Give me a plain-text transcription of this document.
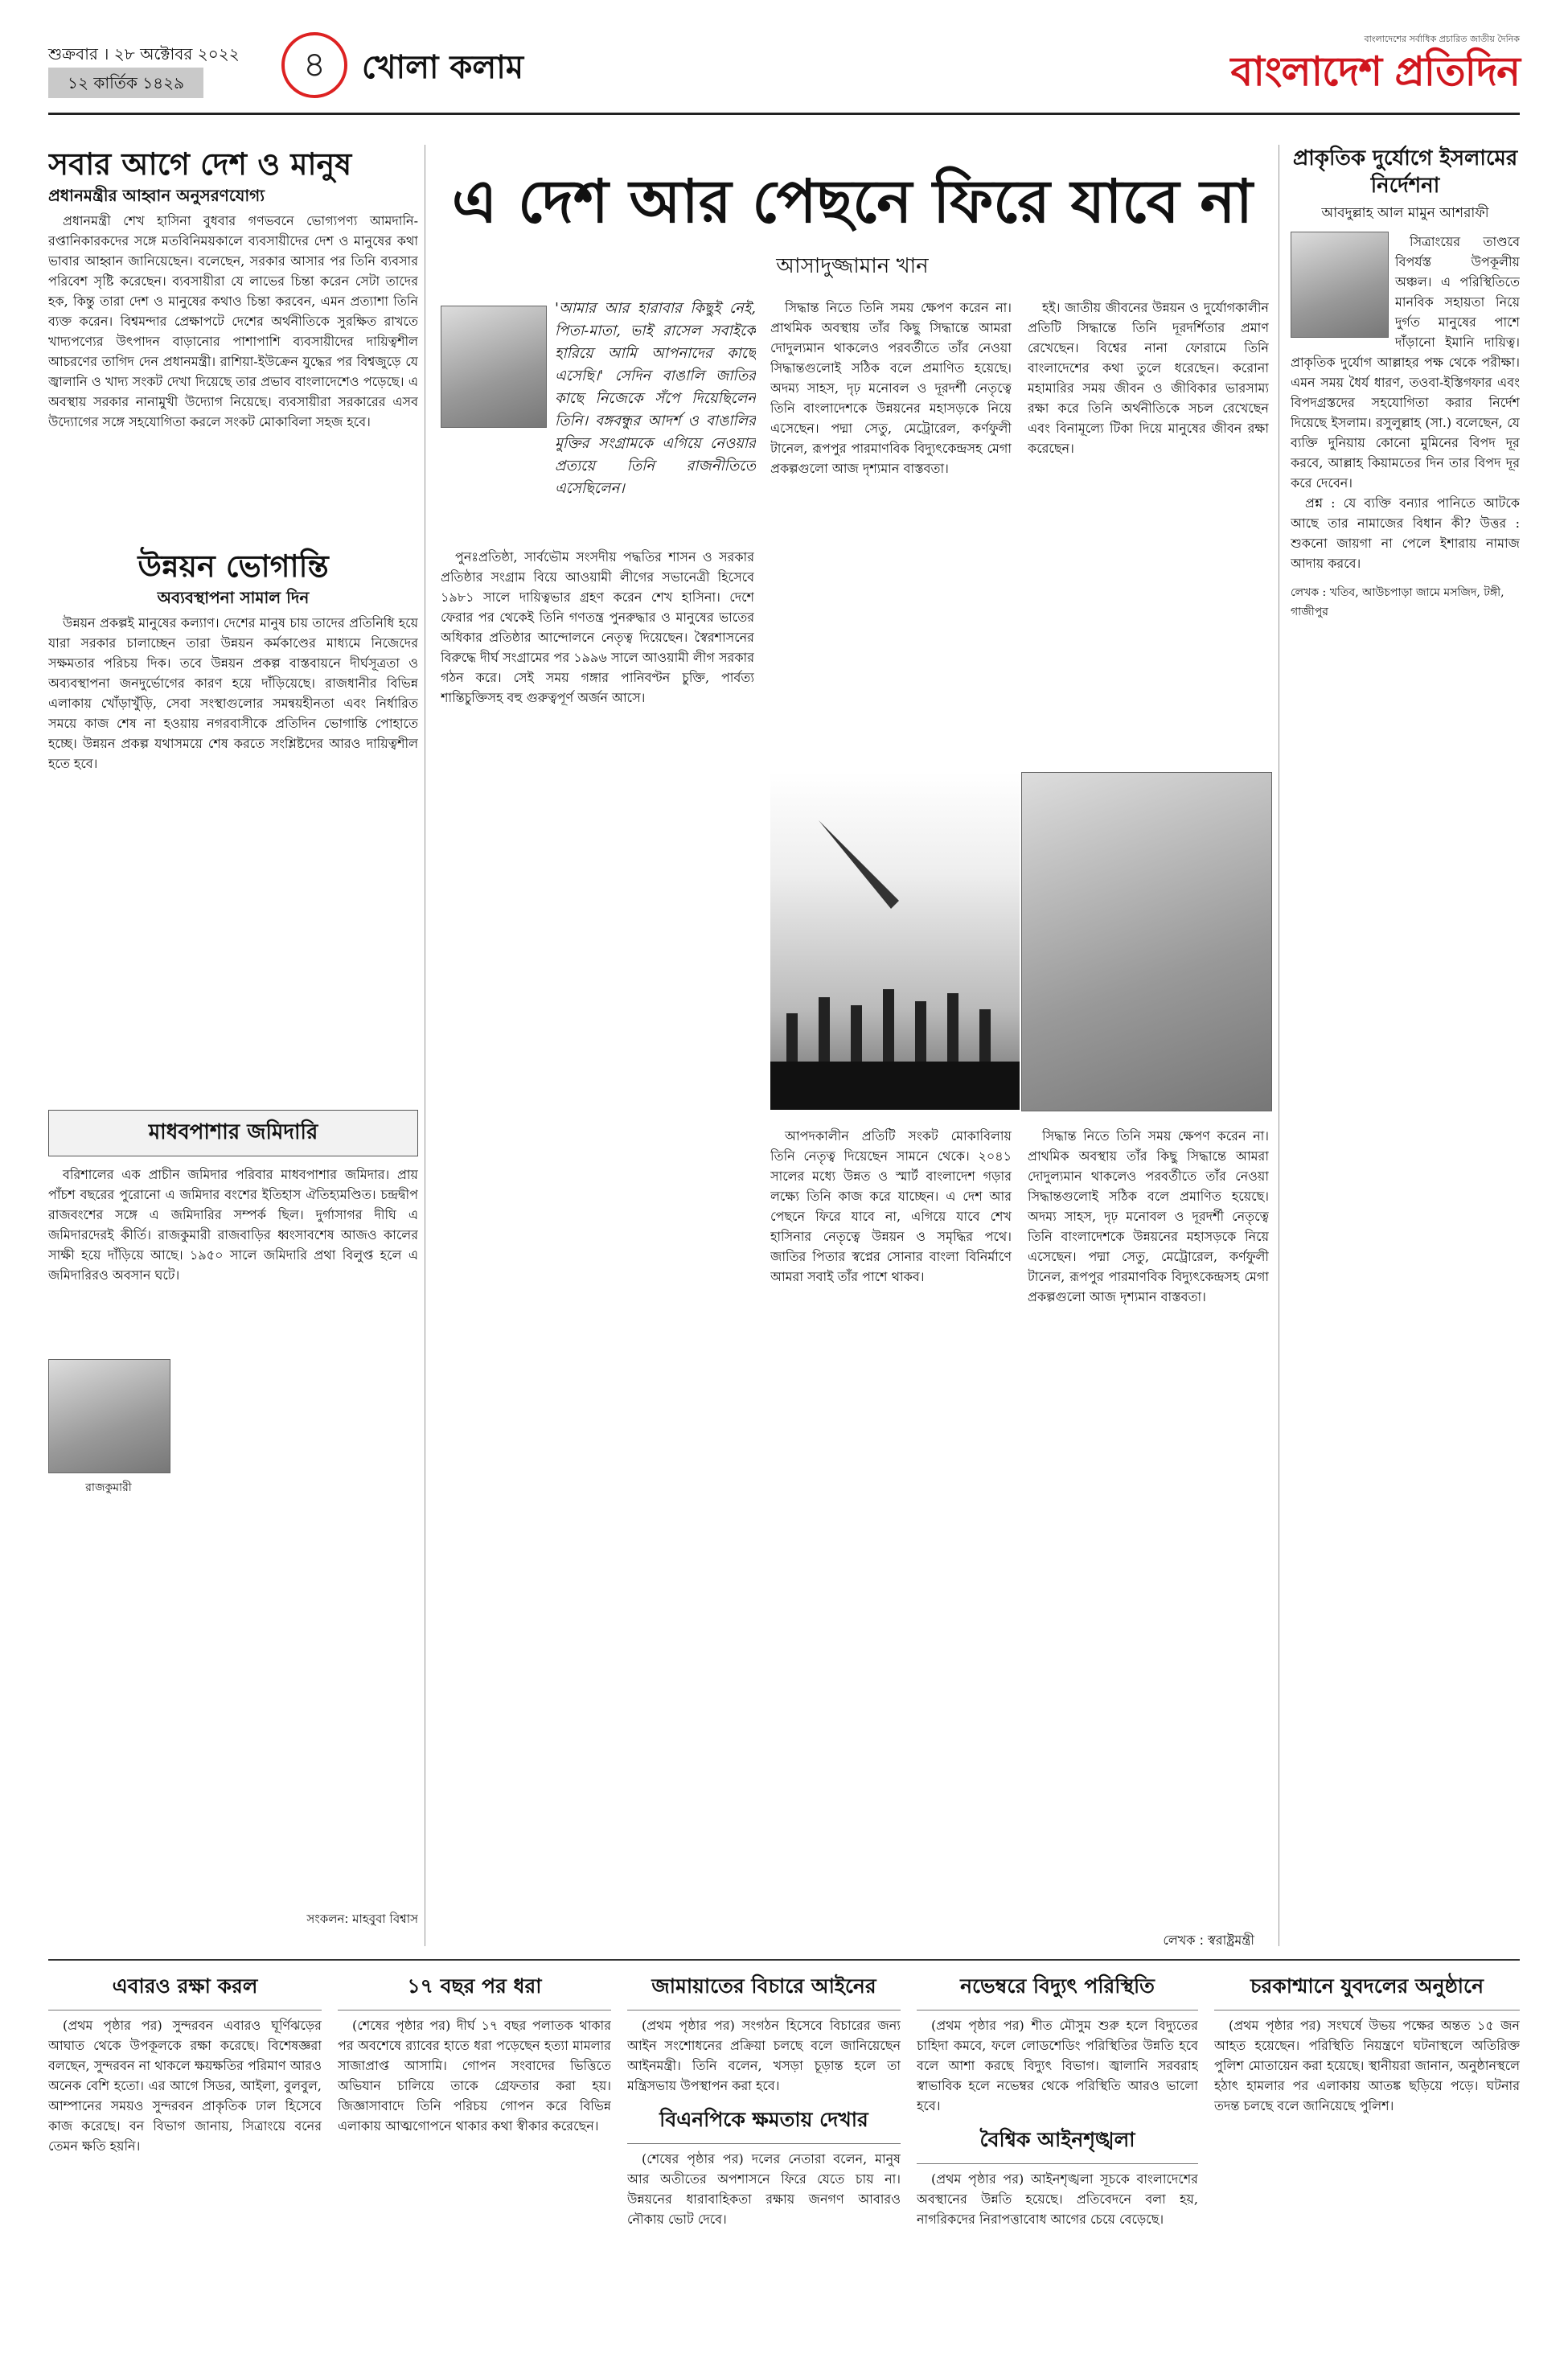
শুক্রবার । ২৮ অক্টোবর ২০২২
১২ কার্তিক ১৪২৯	৪	খোলা কলাম
বাংলাদেশের সর্বাধিক প্রচারিত জাতীয় দৈনিক
বাংলাদেশ প্রতিদিন
সবার আগে দেশ ও মানুষ
প্রধানমন্ত্রীর আহ্বান অনুসরণযোগ্য

প্রধানমন্ত্রী শেখ হাসিনা বুধবার গণভবনে ভোগ্যপণ্য আমদানি-রপ্তানিকারকদের সঙ্গে মতবিনিময়কালে ব্যবসায়ীদের দেশ ও মানুষের কথা ভাবার আহ্বান জানিয়েছেন। বলেছেন, সরকার আসার পর তিনি ব্যবসার পরিবেশ সৃষ্টি করেছেন। ব্যবসায়ীরা যে লাভের চিন্তা করেন সেটা তাদের হক, কিন্তু তারা দেশ ও মানুষের কথাও চিন্তা করবেন, এমন প্রত্যাশা তিনি ব্যক্ত করেন। বিশ্বমন্দার প্রেক্ষাপটে দেশের অর্থনীতিকে সুরক্ষিত রাখতে খাদ্যপণ্যের উৎপাদন বাড়ানোর পাশাপাশি ব্যবসায়ীদের দায়িত্বশীল আচরণের তাগিদ দেন প্রধানমন্ত্রী। রাশিয়া-ইউক্রেন যুদ্ধের পর বিশ্বজুড়ে যে জ্বালানি ও খাদ্য সংকট দেখা দিয়েছে তার প্রভাব বাংলাদেশেও পড়েছে। এ অবস্থায় সরকার নানামুখী উদ্যোগ নিয়েছে। ব্যবসায়ীরা সরকারের এসব উদ্যোগের সঙ্গে সহযোগিতা করলে সংকট মোকাবিলা সহজ হবে।

উন্নয়ন ভোগান্তি
অব্যবস্থাপনা সামাল দিন

উন্নয়ন প্রকল্পই মানুষের কল্যাণ। দেশের মানুষ চায় তাদের প্রতিনিধি হয়ে যারা সরকার চালাচ্ছেন তারা উন্নয়ন কর্মকাণ্ডের মাধ্যমে নিজেদের সক্ষমতার পরিচয় দিক। তবে উন্নয়ন প্রকল্প বাস্তবায়নে দীর্ঘসূত্রতা ও অব্যবস্থাপনা জনদুর্ভোগের কারণ হয়ে দাঁড়িয়েছে। রাজধানীর বিভিন্ন এলাকায় খোঁড়াখুঁড়ি, সেবা সংস্থাগুলোর সমন্বয়হীনতা এবং নির্ধারিত সময়ে কাজ শেষ না হওয়ায় নগরবাসীকে প্রতিদিন ভোগান্তি পোহাতে হচ্ছে। উন্নয়ন প্রকল্প যথাসময়ে শেষ করতে সংশ্লিষ্টদের আরও দায়িত্বশীল হতে হবে।

মাধবপাশার জমিদারি

বরিশালের এক প্রাচীন জমিদার পরিবার মাধবপাশার জমিদার। প্রায় পাঁচশ বছরের পুরোনো এ জমিদার বংশের ইতিহাস ঐতিহ্যমণ্ডিত। চন্দ্রদ্বীপ রাজবংশের সঙ্গে এ জমিদারির সম্পর্ক ছিল। দুর্গাসাগর দীঘি এ জমিদারদেরই কীর্তি। রাজকুমারী রাজবাড়ির ধ্বংসাবশেষ আজও কালের সাক্ষী হয়ে দাঁড়িয়ে আছে। ১৯৫০ সালে জমিদারি প্রথা বিলুপ্ত হলে এ জমিদারিরও অবসান ঘটে।

রাজকুমারী
সংকলন: মাহবুবা বিশ্বাস
এ দেশ আর পেছনে ফিরে যাবে না
আসাদুজ্জামান খান
'আমার আর হারাবার কিছুই নেই, পিতা-মাতা, ভাই রাসেল সবাইকে হারিয়ে আমি আপনাদের কাছে এসেছি।' সেদিন বাঙালি জাতির কাছে নিজেকে সঁপে দিয়েছিলেন তিনি। বঙ্গবন্ধুর আদর্শ ও বাঙালির মুক্তির সংগ্রামকে এগিয়ে নেওয়ার প্রত্যয়ে তিনি রাজনীতিতে এসেছিলেন।

পুনঃপ্রতিষ্ঠা, সার্বভৌম সংসদীয় পদ্ধতির শাসন ও সরকার প্রতিষ্ঠার সংগ্রাম বিয়ে আওয়ামী লীগের সভানেত্রী হিসেবে ১৯৮১ সালে দায়িত্বভার গ্রহণ করেন শেখ হাসিনা। দেশে ফেরার পর থেকেই তিনি গণতন্ত্র পুনরুদ্ধার ও মানুষের ভাতের অধিকার প্রতিষ্ঠার আন্দোলনে নেতৃত্ব দিয়েছেন। স্বৈরশাসনের বিরুদ্ধে দীর্ঘ সংগ্রামের পর ১৯৯৬ সালে আওয়ামী লীগ সরকার গঠন করে। সেই সময় গঙ্গার পানিবণ্টন চুক্তি, পার্বত্য শান্তিচুক্তিসহ বহু গুরুত্বপূর্ণ অর্জন আসে।

সিদ্ধান্ত নিতে তিনি সময় ক্ষেপণ করেন না। প্রাথমিক অবস্থায় তাঁর কিছু সিদ্ধান্তে আমরা দোদুল্যমান থাকলেও পরবর্তীতে তাঁর নেওয়া সিদ্ধান্তগুলোই সঠিক বলে প্রমাণিত হয়েছে। অদম্য সাহস, দৃঢ় মনোবল ও দূরদর্শী নেতৃত্বে তিনি বাংলাদেশকে উন্নয়নের মহাসড়কে নিয়ে এসেছেন। পদ্মা সেতু, মেট্রোরেল, কর্ণফুলী টানেল, রূপপুর পারমাণবিক বিদ্যুৎকেন্দ্রসহ মেগা প্রকল্পগুলো আজ দৃশ্যমান বাস্তবতা।

হই। জাতীয় জীবনের উন্নয়ন ও দুর্যোগকালীন প্রতিটি সিদ্ধান্তে তিনি দূরদর্শিতার প্রমাণ রেখেছেন। বিশ্বের নানা ফোরামে তিনি বাংলাদেশের কথা তুলে ধরেছেন। করোনা মহামারির সময় জীবন ও জীবিকার ভারসাম্য রক্ষা করে তিনি অর্থনীতিকে সচল রেখেছেন এবং বিনামূল্যে টিকা দিয়ে মানুষের জীবন রক্ষা করেছেন।

আপদকালীন প্রতিটি সংকট মোকাবিলায় তিনি নেতৃত্ব দিয়েছেন সামনে থেকে। ২০৪১ সালের মধ্যে উন্নত ও স্মার্ট বাংলাদেশ গড়ার লক্ষ্যে তিনি কাজ করে যাচ্ছেন। এ দেশ আর পেছনে ফিরে যাবে না, এগিয়ে যাবে শেখ হাসিনার নেতৃত্বে উন্নয়ন ও সমৃদ্ধির পথে। জাতির পিতার স্বপ্নের সোনার বাংলা বিনির্মাণে আমরা সবাই তাঁর পাশে থাকব।

সিদ্ধান্ত নিতে তিনি সময় ক্ষেপণ করেন না। প্রাথমিক অবস্থায় তাঁর কিছু সিদ্ধান্তে আমরা দোদুল্যমান থাকলেও পরবর্তীতে তাঁর নেওয়া সিদ্ধান্তগুলোই সঠিক বলে প্রমাণিত হয়েছে। অদম্য সাহস, দৃঢ় মনোবল ও দূরদর্শী নেতৃত্বে তিনি বাংলাদেশকে উন্নয়নের মহাসড়কে নিয়ে এসেছেন। পদ্মা সেতু, মেট্রোরেল, কর্ণফুলী টানেল, রূপপুর পারমাণবিক বিদ্যুৎকেন্দ্রসহ মেগা প্রকল্পগুলো আজ দৃশ্যমান বাস্তবতা।

লেখক : স্বরাষ্ট্রমন্ত্রী
প্রাকৃতিক দুর্যোগে ইসলামের নির্দেশনা
আবদুল্লাহ আল মামুন আশরাফী

সিত্রাংয়ের তাণ্ডবে বিপর্যস্ত উপকূলীয় অঞ্চল। এ পরিস্থিতিতে মানবিক সহায়তা নিয়ে দুর্গত মানুষের পাশে দাঁড়ানো ইমানি দায়িত্ব। প্রাকৃতিক দুর্যোগ আল্লাহর পক্ষ থেকে পরীক্ষা। এমন সময় ধৈর্য ধারণ, তওবা-ইস্তিগফার এবং বিপদগ্রস্তদের সহযোগিতা করার নির্দেশ দিয়েছে ইসলাম। রসুলুল্লাহ (সা.) বলেছেন, যে ব্যক্তি দুনিয়ায় কোনো মুমিনের বিপদ দূর করবে, আল্লাহ কিয়ামতের দিন তার বিপদ দূর করে দেবেন।

প্রশ্ন : যে ব্যক্তি বন্যার পানিতে আটকে আছে তার নামাজের বিধান কী? উত্তর : শুকনো জায়গা না পেলে ইশারায় নামাজ আদায় করবে।

লেখক : খতিব, আউচপাড়া জামে মসজিদ, টঙ্গী, গাজীপুর
এবারও রক্ষা করল

(প্রথম পৃষ্ঠার পর) সুন্দরবন এবারও ঘূর্ণিঝড়ের আঘাত থেকে উপকূলকে রক্ষা করেছে। বিশেষজ্ঞরা বলছেন, সুন্দরবন না থাকলে ক্ষয়ক্ষতির পরিমাণ আরও অনেক বেশি হতো। এর আগে সিডর, আইলা, বুলবুল, আম্পানের সময়ও সুন্দরবন প্রাকৃতিক ঢাল হিসেবে কাজ করেছে। বন বিভাগ জানায়, সিত্রাংয়ে বনের তেমন ক্ষতি হয়নি।

১৭ বছর পর ধরা

(শেষের পৃষ্ঠার পর) দীর্ঘ ১৭ বছর পলাতক থাকার পর অবশেষে র‍্যাবের হাতে ধরা পড়েছেন হত্যা মামলার সাজাপ্রাপ্ত আসামি। গোপন সংবাদের ভিত্তিতে অভিযান চালিয়ে তাকে গ্রেফতার করা হয়। জিজ্ঞাসাবাদে তিনি পরিচয় গোপন করে বিভিন্ন এলাকায় আত্মগোপনে থাকার কথা স্বীকার করেছেন।

জামায়াতের বিচারে আইনের

(প্রথম পৃষ্ঠার পর) সংগঠন হিসেবে বিচারের জন্য আইন সংশোধনের প্রক্রিয়া চলছে বলে জানিয়েছেন আইনমন্ত্রী। তিনি বলেন, খসড়া চূড়ান্ত হলে তা মন্ত্রিসভায় উপস্থাপন করা হবে।

বিএনপিকে ক্ষমতায় দেখার

(শেষের পৃষ্ঠার পর) দলের নেতারা বলেন, মানুষ আর অতীতের অপশাসনে ফিরে যেতে চায় না। উন্নয়নের ধারাবাহিকতা রক্ষায় জনগণ আবারও নৌকায় ভোট দেবে।

নভেম্বরে বিদ্যুৎ পরিস্থিতি

(প্রথম পৃষ্ঠার পর) শীত মৌসুম শুরু হলে বিদ্যুতের চাহিদা কমবে, ফলে লোডশেডিং পরিস্থিতির উন্নতি হবে বলে আশা করছে বিদ্যুৎ বিভাগ। জ্বালানি সরবরাহ স্বাভাবিক হলে নভেম্বর থেকে পরিস্থিতি আরও ভালো হবে।

বৈশ্বিক আইনশৃঙ্খলা

(প্রথম পৃষ্ঠার পর) আইনশৃঙ্খলা সূচকে বাংলাদেশের অবস্থানের উন্নতি হয়েছে। প্রতিবেদনে বলা হয়, নাগরিকদের নিরাপত্তাবোধ আগের চেয়ে বেড়েছে।

চরকাশ্মানে যুবদলের অনুষ্ঠানে

(প্রথম পৃষ্ঠার পর) সংঘর্ষে উভয় পক্ষের অন্তত ১৫ জন আহত হয়েছেন। পরিস্থিতি নিয়ন্ত্রণে ঘটনাস্থলে অতিরিক্ত পুলিশ মোতায়েন করা হয়েছে। স্থানীয়রা জানান, অনুষ্ঠানস্থলে হঠাৎ হামলার পর এলাকায় আতঙ্ক ছড়িয়ে পড়ে। ঘটনার তদন্ত চলছে বলে জানিয়েছে পুলিশ।
